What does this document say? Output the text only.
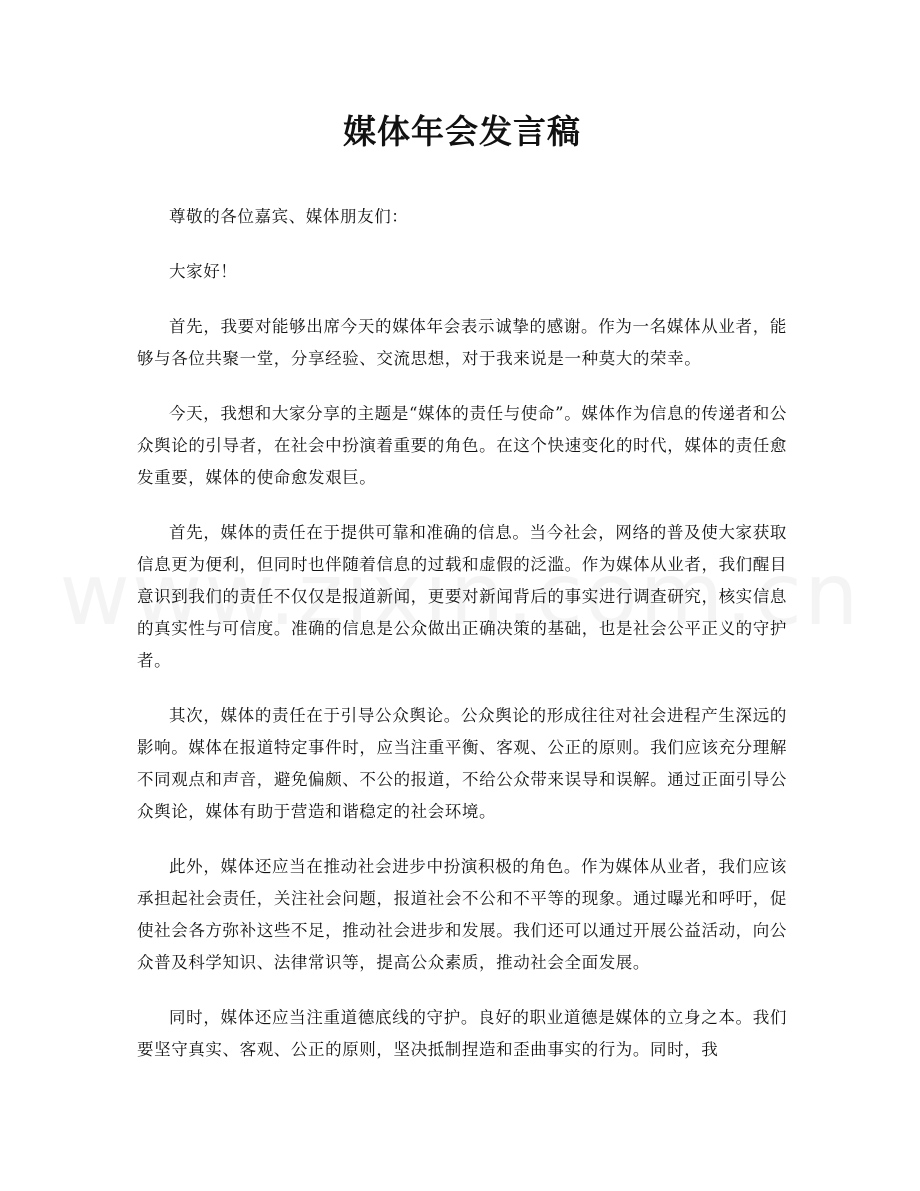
媒体年会发言稿

尊敬的各位嘉宾、媒体朋友们：

大家好！

首先，我要对能够出席今天的媒体年会表示诚挚的感谢。作为一名媒体从业者，能够与各位共聚一堂，分享经验、交流思想，对于我来说是一种莫大的荣幸。

今天，我想和大家分享的主题是“媒体的责任与使命”。媒体作为信息的传递者和公众舆论的引导者，在社会中扮演着重要的角色。在这个快速变化的时代，媒体的责任愈发重要，媒体的使命愈发艰巨。

首先，媒体的责任在于提供可靠和准确的信息。当今社会，网络的普及使大家获取信息更为便利，但同时也伴随着信息的过载和虚假的泛滥。作为媒体从业者，我们醒目意识到我们的责任不仅仅是报道新闻，更要对新闻背后的事实进行调查研究，核实信息的真实性与可信度。准确的信息是公众做出正确决策的基础，也是社会公平正义的守护者。

其次，媒体的责任在于引导公众舆论。公众舆论的形成往往对社会进程产生深远的影响。媒体在报道特定事件时，应当注重平衡、客观、公正的原则。我们应该充分理解不同观点和声音，避免偏颇、不公的报道，不给公众带来误导和误解。通过正面引导公众舆论，媒体有助于营造和谐稳定的社会环境。

此外，媒体还应当在推动社会进步中扮演积极的角色。作为媒体从业者，我们应该承担起社会责任，关注社会问题，报道社会不公和不平等的现象。通过曝光和呼吁，促使社会各方弥补这些不足，推动社会进步和发展。我们还可以通过开展公益活动，向公众普及科学知识、法律常识等，提高公众素质，推动社会全面发展。

同时，媒体还应当注重道德底线的守护。良好的职业道德是媒体的立身之本。我们要坚守真实、客观、公正的原则，坚决抵制捏造和歪曲事实的行为。同时，我
